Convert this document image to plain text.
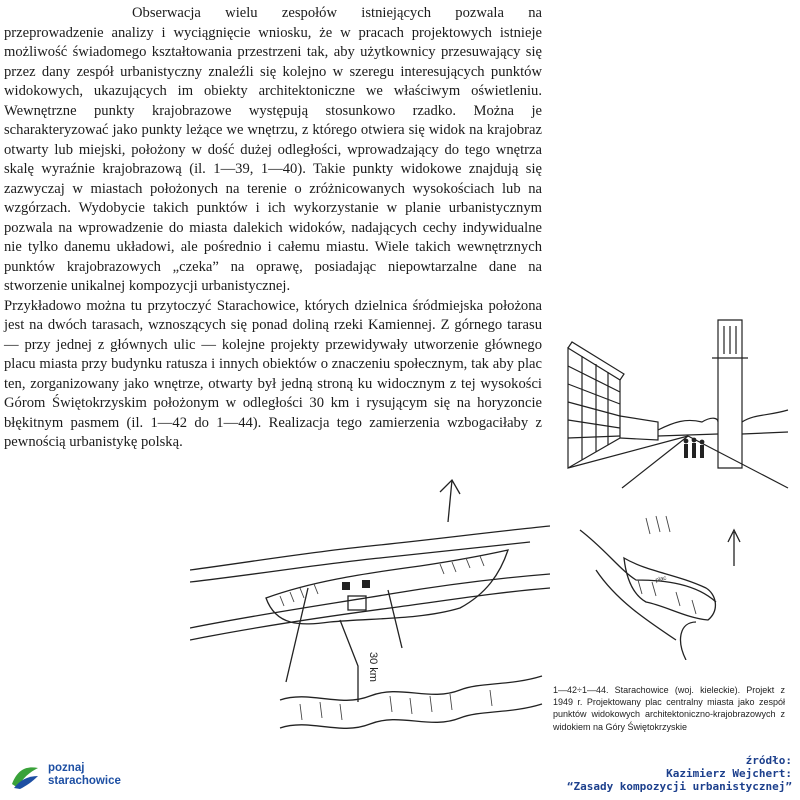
Obserwacja wielu zespołów istniejących pozwala na przeprowadzenie analizy i wyciągnięcie wniosku, że w pracach projektowych istnieje możliwość świadomego kształtowania przestrzeni tak, aby użytkownicy przesuwający się przez dany zespół urbanistyczny znaleźli się kolejno w szeregu interesujących punktów widokowych, ukazujących im obiekty architektoniczne we właściwym oświetleniu. Wewnętrzne punkty krajobrazowe występują stosunkowo rzadko. Można je scharakteryzować jako punkty leżące we wnętrzu, z którego otwiera się widok na krajobraz otwarty lub miejski, położony w dość dużej odległości, wprowadzający do tego wnętrza skalę wyraźnie krajobrazową (il. 1—39, 1—40). Takie punkty widokowe znajdują się zazwyczaj w miastach położonych na terenie o zróżnicowanych wysokościach lub na wzgórzach. Wydobycie takich punktów i ich wykorzystanie w planie urbanistycznym pozwala na wprowadzenie do miasta dalekich widoków, nadających cechy indywidualne nie tylko danemu układowi, ale pośrednio i całemu miastu. Wiele takich wewnętrznych punktów krajobrazowych „czeka” na oprawę, posiadając niepowtarzalne dane na stworzenie unikalnej kompozycji urbanistycznej.

Przykładowo można tu przytoczyć Starachowice, których dzielnica śródmiejska położona jest na dwóch tarasach, wznoszących się ponad doliną rzeki Kamiennej. Z górnego tarasu — przy jednej z głównych ulic — kolejne projekty przewidywały utworzenie głównego placu miasta przy budynku ratusza i innych obiektów o znaczeniu społecznym, tak aby plac ten, zorganizowany jako wnętrze, otwarty był jedną stroną ku widocznym z tej wysokości Górom Świętokrzyskim położonym w odległości 30 km i rysującym się na horyzoncie błękitnym pasmem (il. 1—42 do 1—44). Realizacja tego zamierzenia wzbogaciłaby z pewnością urbanistykę polską.

30 km
plac
1—42÷1—44. Starachowice (woj. kieleckie). Projekt z 1949 r. Projektowany plac centralny miasta jako zespół punktów widokowych architektoniczno-krajobrazowych z widokiem na Góry Świętokrzyskie
źródło:
Kazimierz Wejchert:
“Zasady kompozycji urbanistycznej”
poznaj
starachowice
